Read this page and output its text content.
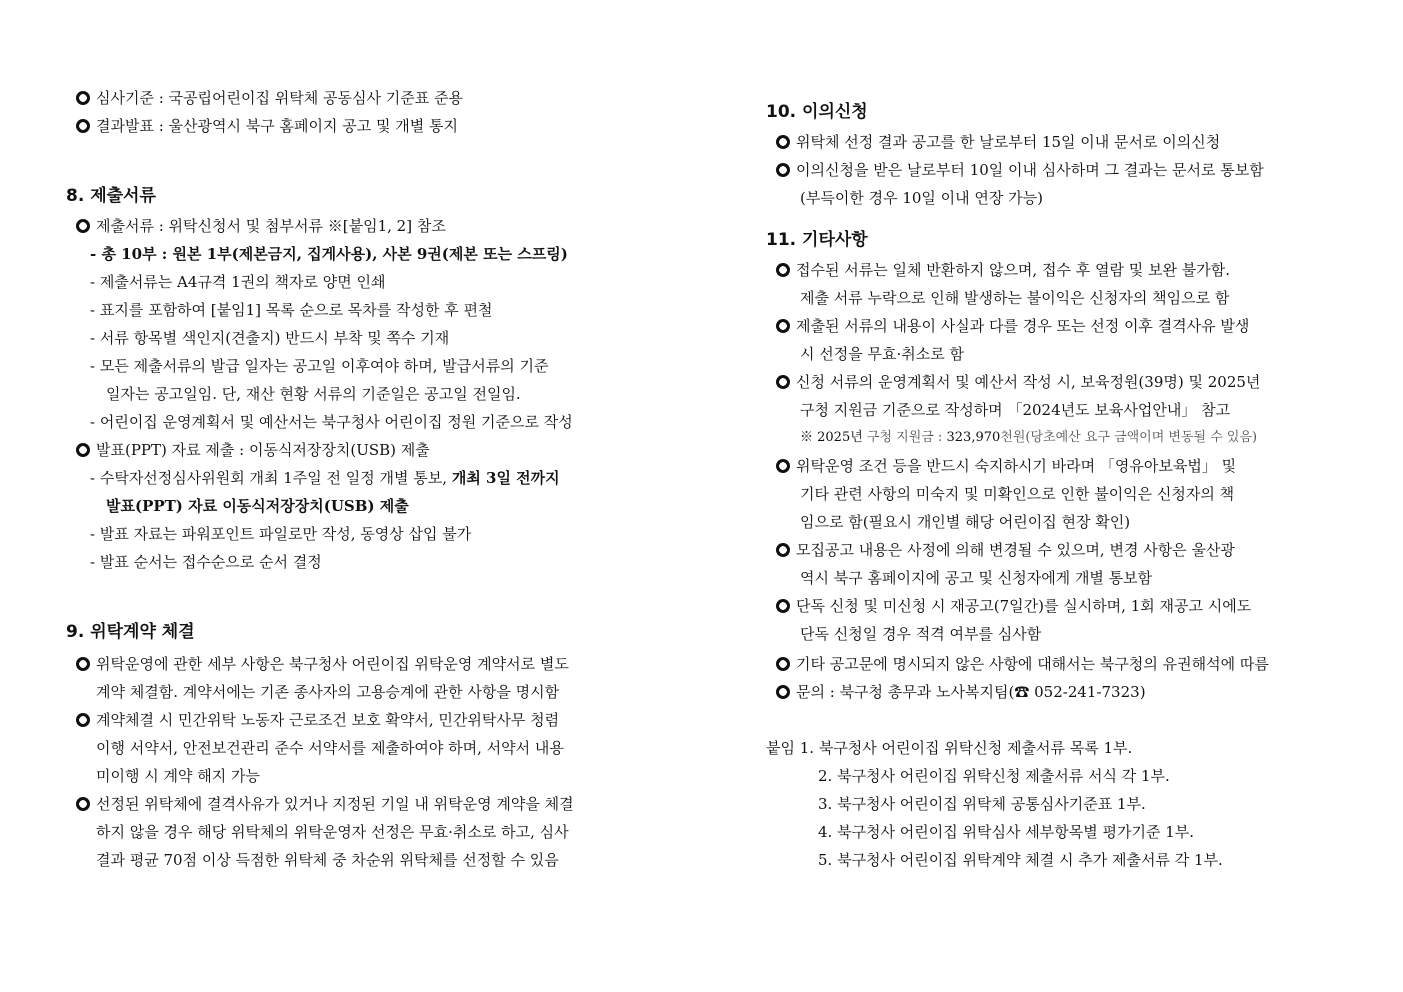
심사기준 : 국공립어린이집 위탁체 공동심사 기준표 준용
결과발표 : 울산광역시 북구 홈페이지 공고 및 개별 통지
8. 제출서류
제출서류 : 위탁신청서 및 첨부서류 ※[붙임1, 2] 참조
- 총 10부 : 원본 1부(제본금지, 집게사용), 사본 9권(제본 또는 스프링)
- 제출서류는 A4규격 1권의 책자로 양면 인쇄
- 표지를 포함하여 [붙임1] 목록 순으로 목차를 작성한 후 편철
- 서류 항목별 색인지(견출지) 반드시 부착 및 쪽수 기재
- 모든 제출서류의 발급 일자는 공고일 이후여야 하며, 발급서류의 기준
일자는 공고일임. 단, 재산 현황 서류의 기준일은 공고일 전일임.
- 어린이집 운영계획서 및 예산서는 북구청사 어린이집 정원 기준으로 작성
발표(PPT) 자료 제출 : 이동식저장장치(USB) 제출
- 수탁자선정심사위원회 개최 1주일 전 일정 개별 통보, 개최 3일 전까지
발표(PPT) 자료 이동식저장장치(USB) 제출
- 발표 자료는 파워포인트 파일로만 작성, 동영상 삽입 불가
- 발표 순서는 접수순으로 순서 결정
9. 위탁계약 체결
위탁운영에 관한 세부 사항은 북구청사 어린이집 위탁운영 계약서로 별도
계약 체결함. 계약서에는 기존 종사자의 고용승계에 관한 사항을 명시함
계약체결 시 민간위탁 노동자 근로조건 보호 확약서, 민간위탁사무 청렴
이행 서약서, 안전보건관리 준수 서약서를 제출하여야 하며, 서약서 내용
미이행 시 계약 해지 가능
선정된 위탁체에 결격사유가 있거나 지정된 기일 내 위탁운영 계약을 체결
하지 않을 경우 해당 위탁체의 위탁운영자 선정은 무효·취소로 하고, 심사
결과 평균 70점 이상 득점한 위탁체 중 차순위 위탁체를 선정할 수 있음
10. 이의신청
위탁체 선정 결과 공고를 한 날로부터 15일 이내 문서로 이의신청
이의신청을 받은 날로부터 10일 이내 심사하며 그 결과는 문서로 통보함
(부득이한 경우 10일 이내 연장 가능)
11. 기타사항
접수된 서류는 일체 반환하지 않으며, 접수 후 열람 및 보완 불가함.
제출 서류 누락으로 인해 발생하는 불이익은 신청자의 책임으로 함
제출된 서류의 내용이 사실과 다를 경우 또는 선정 이후 결격사유 발생
시 선정을 무효·취소로 함
신청 서류의 운영계획서 및 예산서 작성 시, 보육정원(39명) 및 2025년
구청 지원금 기준으로 작성하며 「2024년도 보육사업안내」 참고
※ 2025년 구청 지원금 : 323,970천원(당초예산 요구 금액이며 변동될 수 있음)
위탁운영 조건 등을 반드시 숙지하시기 바라며 「영유아보육법」 및
기타 관련 사항의 미숙지 및 미확인으로 인한 불이익은 신청자의 책
임으로 함(필요시 개인별 해당 어린이집 현장 확인)
모집공고 내용은 사정에 의해 변경될 수 있으며, 변경 사항은 울산광
역시 북구 홈페이지에 공고 및 신청자에게 개별 통보함
단독 신청 및 미신청 시 재공고(7일간)를 실시하며, 1회 재공고 시에도
단독 신청일 경우 적격 여부를 심사함
기타 공고문에 명시되지 않은 사항에 대해서는 북구청의 유권해석에 따름
문의 : 북구청 총무과 노사복지팀(☎ 052-241-7323)
붙임 1. 북구청사 어린이집 위탁신청 제출서류 목록 1부.
2. 북구청사 어린이집 위탁신청 제출서류 서식 각 1부.
3. 북구청사 어린이집 위탁체 공통심사기준표 1부.
4. 북구청사 어린이집 위탁심사 세부항목별 평가기준 1부.
5. 북구청사 어린이집 위탁계약 체결 시 추가 제출서류 각 1부.
